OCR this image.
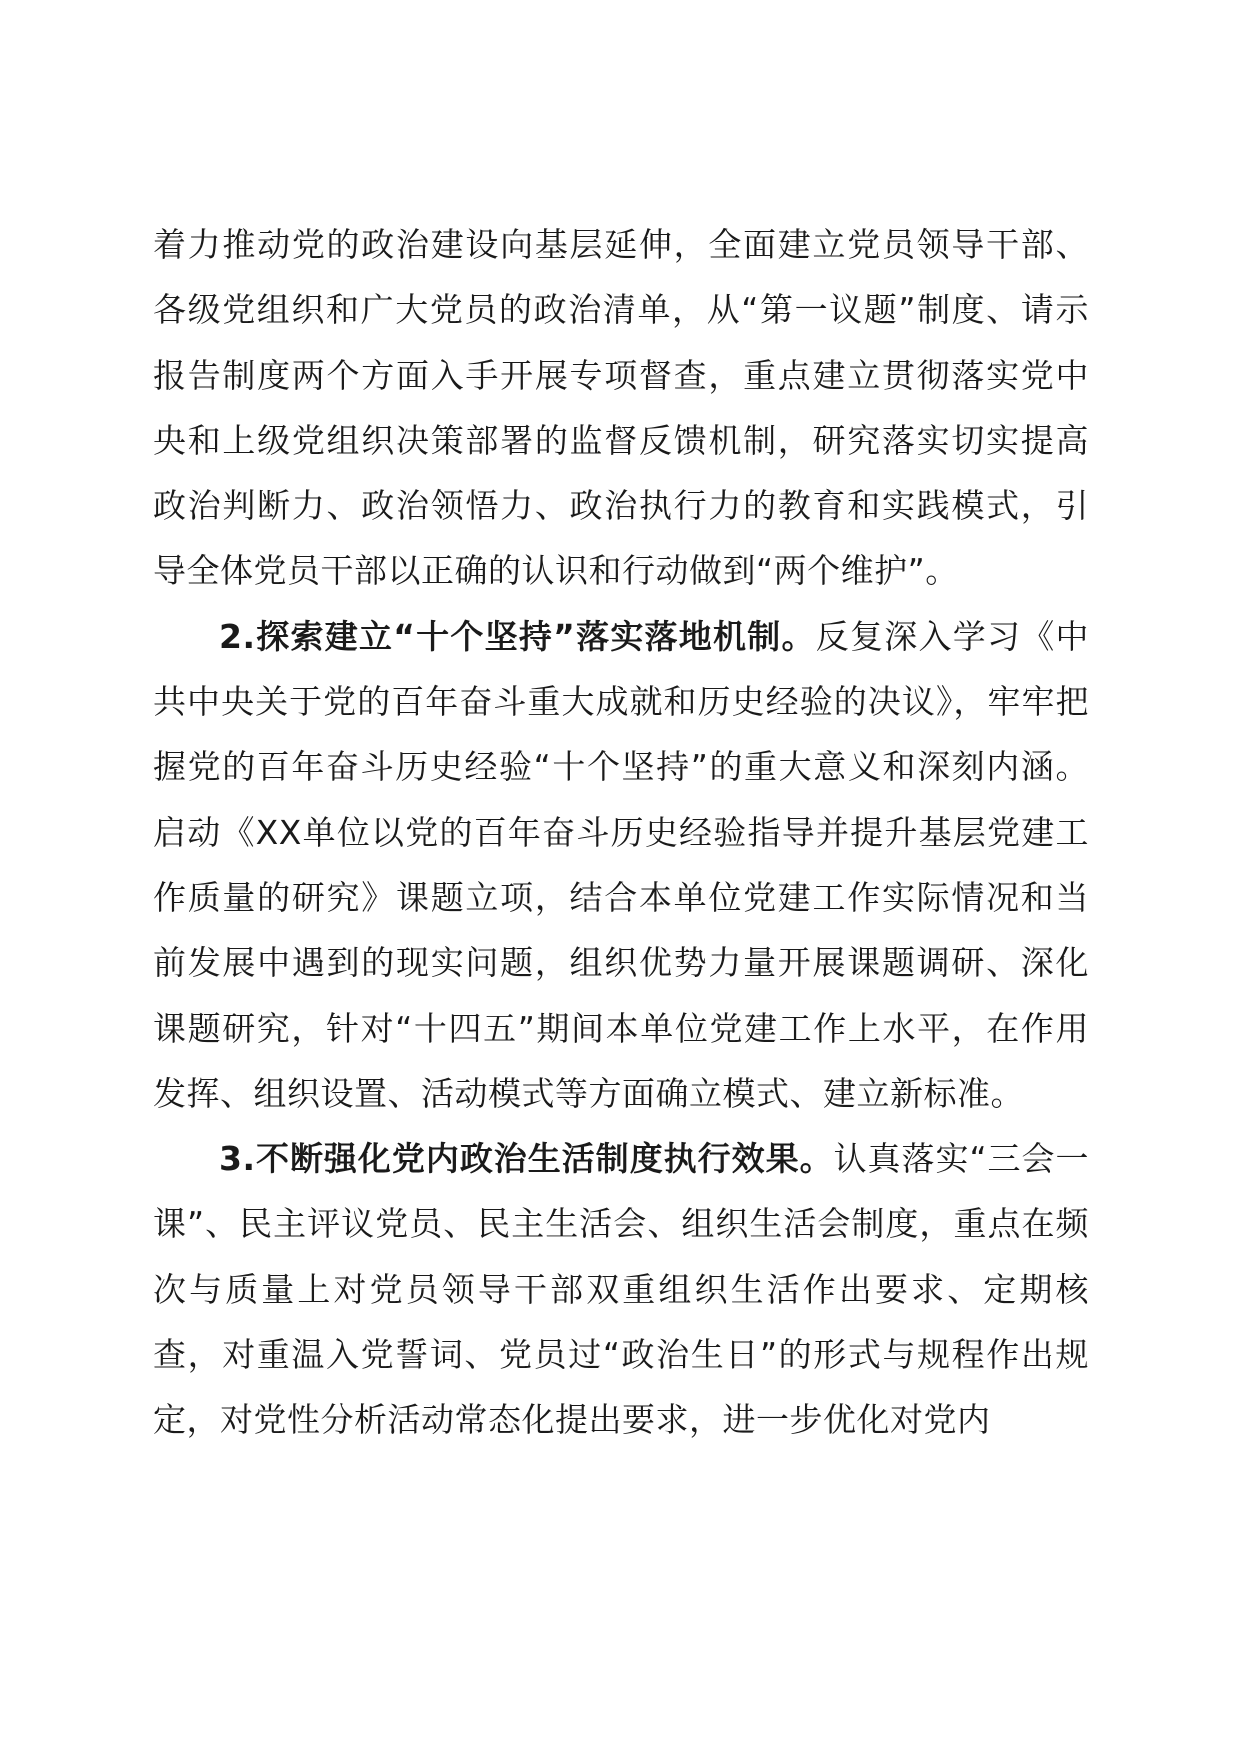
着力推动党的政治建设向基层延伸，全面建立党员领导干部、各级党组织和广大党员的政治清单，从“第一议题”制度、请示报告制度两个方面入手开展专项督查，重点建立贯彻落实党中央和上级党组织决策部署的监督反馈机制，研究落实切实提高政治判断力、政治领悟力、政治执行力的教育和实践模式，引导全体党员干部以正确的认识和行动做到“两个维护”。

2.探索建立“十个坚持”落实落地机制。反复深入学习《中共中央关于党的百年奋斗重大成就和历史经验的决议》，牢牢把握党的百年奋斗历史经验“十个坚持”的重大意义和深刻内涵。启动《XX单位以党的百年奋斗历史经验指导并提升基层党建工作质量的研究》课题立项，结合本单位党建工作实际情况和当前发展中遇到的现实问题，组织优势力量开展课题调研、深化课题研究，针对“十四五”期间本单位党建工作上水平，在作用发挥、组织设置、活动模式等方面确立模式、建立新标准。

3.不断强化党内政治生活制度执行效果。认真落实“三会一课”、民主评议党员、民主生活会、组织生活会制度，重点在频次与质量上对党员领导干部双重组织生活作出要求、定期核查，对重温入党誓词、党员过“政治生日”的形式与规程作出规定，对党性分析活动常态化提出要求，进一步优化对党内
